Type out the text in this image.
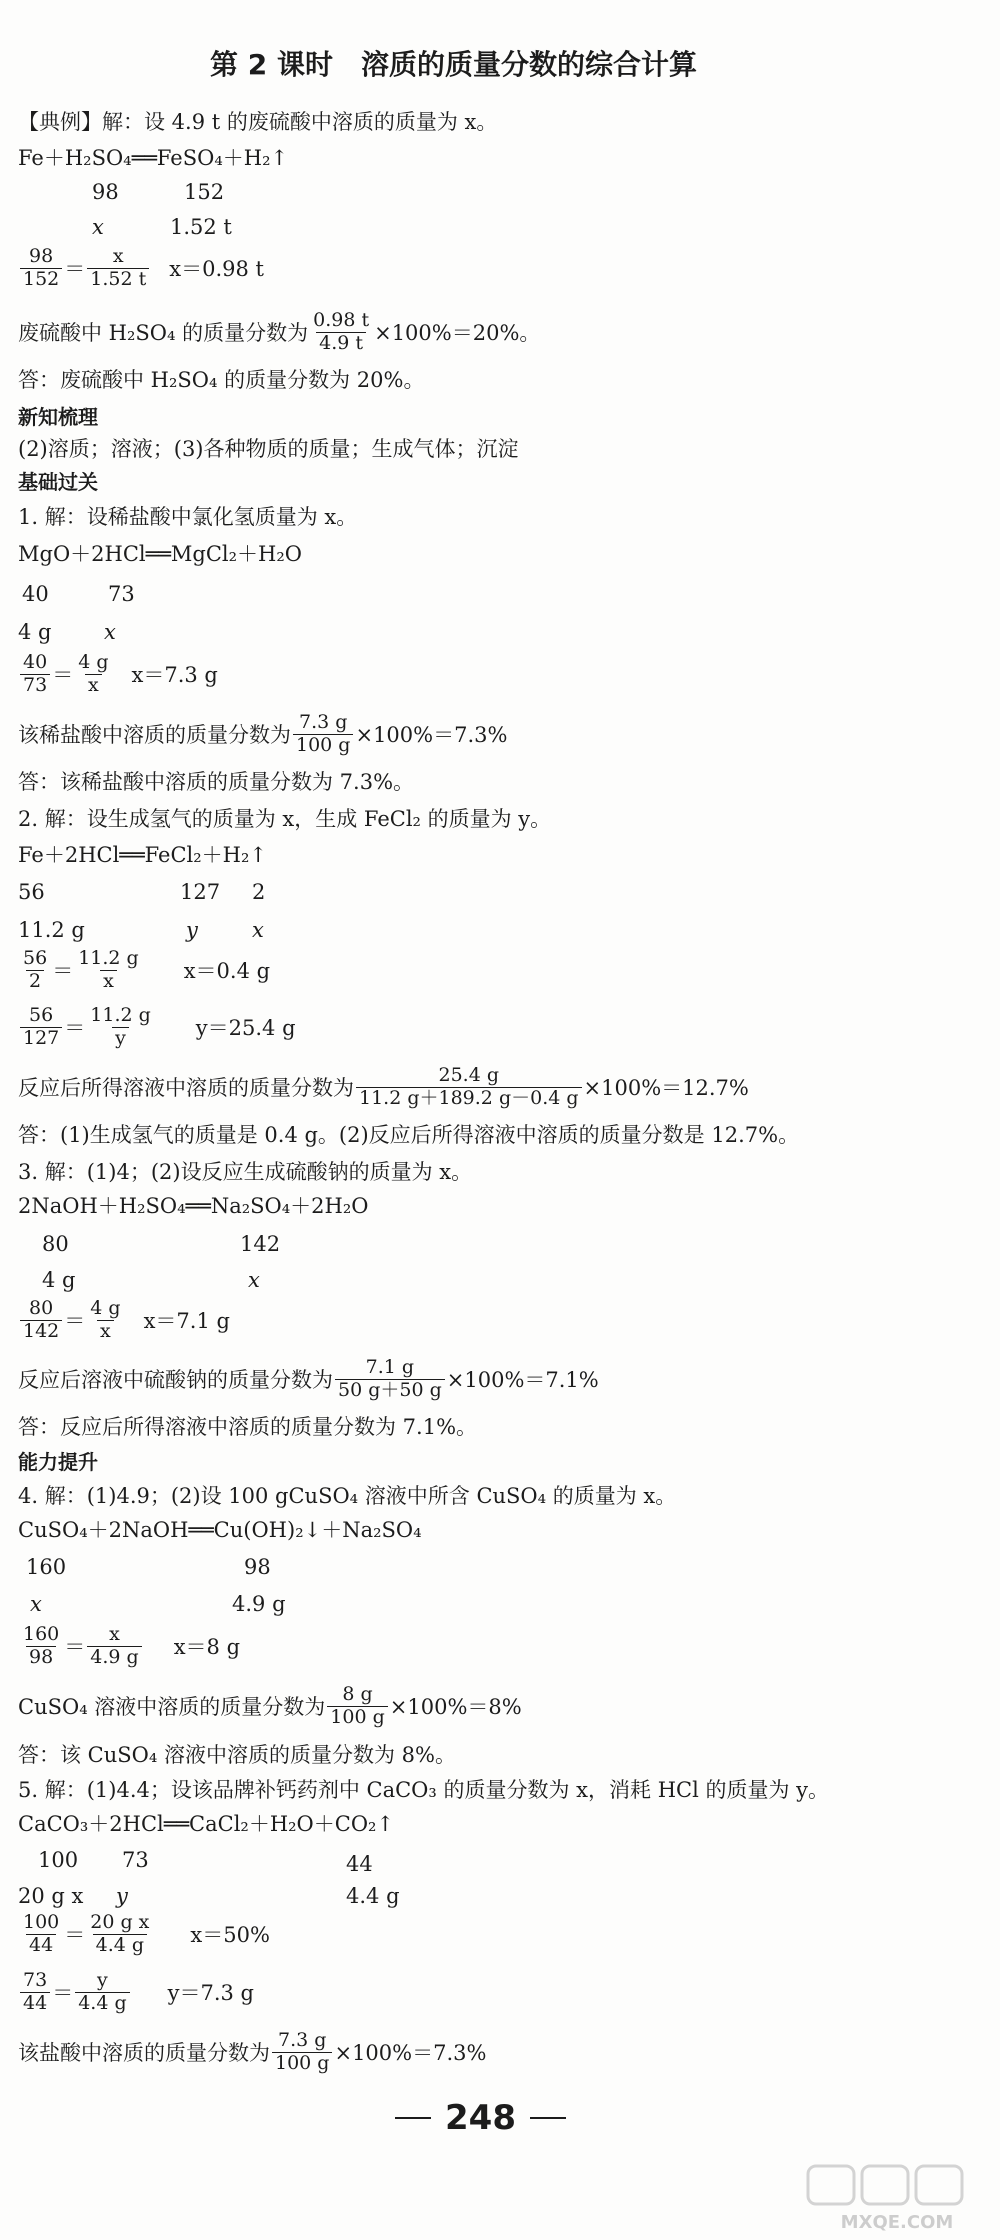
第 2 课时　溶质的质量分数的综合计算
【典例】解：设 4.9 t 的废硫酸中溶质的质量为 x。
Fe＋H₂SO₄══FeSO₄＋H₂↑
98	152
x	1.52 t
$\frac{98}{152} = \frac{x}{1.52 t} x=0.98$ t
废硫酸中 H₂SO₄ 的质量分数为 $\frac{0.98 t}{4.9 t} \times 100\%=20\%$。
答：废硫酸中 H₂SO₄ 的质量分数为 20%。
新知梳理
(2)溶质；溶液；(3)各种物质的质量；生成气体；沉淀
基础过关
1. 解：设稀盐酸中氯化氢质量为 x。
MgO＋2HCl══MgCl₂＋H₂O
40	73
4 g	x
$\frac{40}{73} = \frac{4 g}{x} x=7.3$ g
该稀盐酸中溶质的质量分数为 $\frac{7.3 g}{100 g} \times 100\%=7.3\%$
答：该稀盐酸中溶质的质量分数为 7.3%。
2. 解：设生成氢气的质量为 x，生成 FeCl₂ 的质量为 y。
Fe＋2HCl══FeCl₂＋H₂↑
56	127 2
11.2 g	y	x
$\frac{56}{2} = \frac{11.2 g}{x} x=0.4$ g
$\frac{56}{127} = \frac{11.2 g}{y} y=25.4$ g
反应后所得溶液中溶质的质量分数为 $\frac{25.4 g}{11.2 g+189.2 g-0.4 g} \times 100\%=12.7\%$
答：(1)生成氢气的质量是 0.4 g。(2)反应后所得溶液中溶质的质量分数是 12.7%。
3. 解：(1)4；(2)设反应生成硫酸钠的质量为 x。
2NaOH＋H₂SO₄══Na₂SO₄＋2H₂O
80	142
4 g	x
$\frac{80}{142} = \frac{4 g}{x} x=7.1$ g
反应后溶液中硫酸钠的质量分数为 $\frac{7.1 g}{50 g+50 g} \times 100\%=7.1\%$
答：反应后所得溶液中溶质的质量分数为 7.1%。
能力提升
4. 解：(1)4.9；(2)设 100 gCuSO₄ 溶液中所含 CuSO₄ 的质量为 x。
CuSO₄＋2NaOH══Cu(OH)₂↓＋Na₂SO₄
160	98
x	4.9 g
$\frac{160}{98} = \frac{x}{4.9 g} x=8$ g
CuSO₄ 溶液中溶质的质量分数为 $\frac{8 g}{100 g} \times 100\%=8\%$
答：该 CuSO₄ 溶液中溶质的质量分数为 8%。
5. 解：(1)4.4；设该品牌补钙药剂中 CaCO₃ 的质量分数为 x，消耗 HCl 的质量为 y。
CaCO₃＋2HCl══CaCl₂＋H₂O＋CO₂↑
100 73	44
20 g x y	4.4 g
$\frac{100}{44} = \frac{\text{20 g x}}{4.4 g} x=50\%$
$\frac{73}{44} = \frac{y}{4.4 g} y=7.3$ g
该盐酸中溶质的质量分数为 $\frac{7.3 g}{100 g} \times 100\%=7.3\%$
248
MXQE.COM
